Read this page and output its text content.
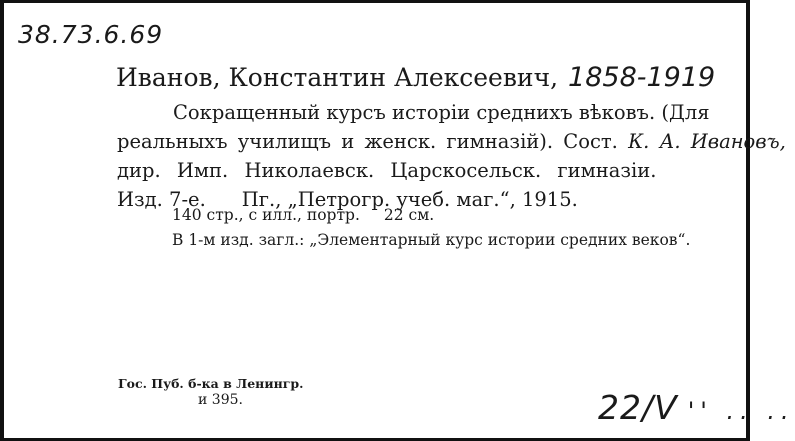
38.73.6.69
Иванов, Константин Алексеевич, 1858-1919
Сокращенный курсъ исторіи среднихъ вѣковъ. (Для
реальныхъ училищъ и женск. гимназій). Сост. К. А. Ивановъ,
дир. Имп. Николаевск. Царскосельск. гимназіи.
Изд. 7-е. Пг., „Петрогр. учеб. маг.“, 1915.
140 стр., с илл., портр. 22 см.
В 1-м изд. загл.: „Элементарный курс истории средних веков“.
Гос. Пуб. б-ка в Ленингр.
и 395.	22/V '' .. ..
